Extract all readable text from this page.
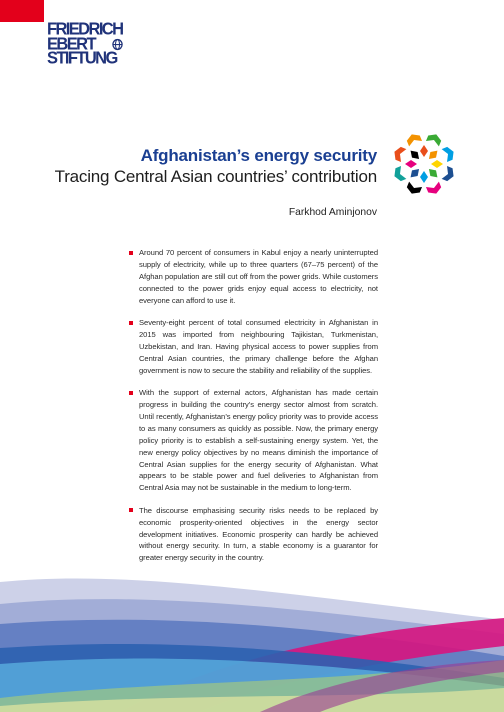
FRIEDRICH
EBERT
STIFTUNG
Afghanistan’s energy security
Tracing Central Asian countries’ contribution
Farkhod Aminjonov
Around 70 percent of consumers in Kabul enjoy a nearly uninterrupted supply of electricity, while up to three quarters (67–75 percent) of the Afghan population are still cut off from the power grids. While customers connected to the power grids enjoy equal access to electricity, not everyone can afford to use it.
Seventy-eight percent of total consumed electricity in Afghanistan in 2015 was imported from neighbouring Tajikistan, Turkmenistan, Uzbekistan, and Iran. Having physical access to power supplies from Central Asian countries, the primary challenge before the Afghan government is now to secure the stability and reliability of the supplies.
With the support of external actors, Afghanistan has made certain progress in building the country’s energy sector almost from scratch. Until recently, Afghanistan’s energy policy priority was to provide access to as many consumers as quickly as possible. Now, the primary energy policy priority is to establish a self-sustaining energy system. Yet, the new energy policy objectives by no means diminish the importance of Central Asian supplies for the energy security of Afghanistan. What appears to be stable power and fuel deliveries to Afghanistan from Central Asia may not be sustainable in the medium to long-term.
The discourse emphasising security risks needs to be replaced by economic prosperity-oriented objectives in the energy sector development initiatives. Economic prosperity can hardly be achieved without energy security. In turn, a stable economy is a guarantor for greater energy security in the country.
